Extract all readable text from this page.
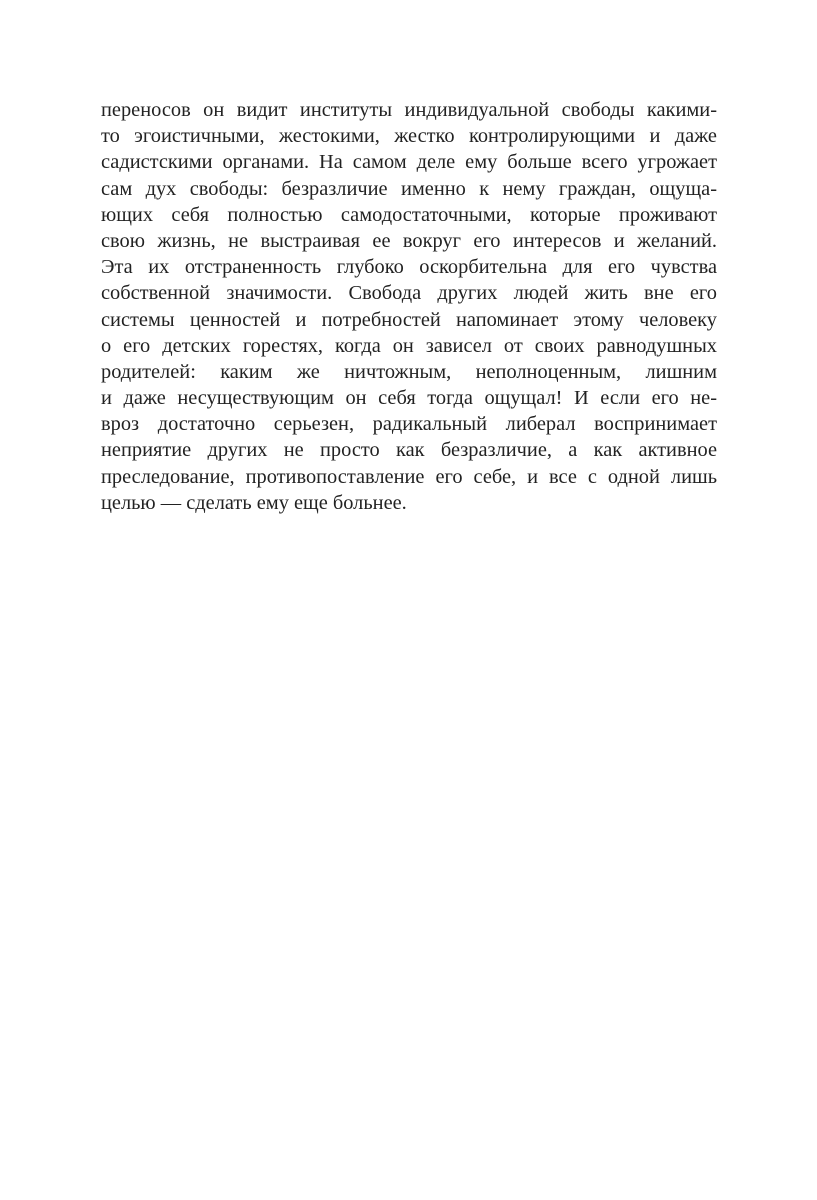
переносов он видит институты индивидуальной свободы какими-
то эгоистичными, жестокими, жестко контролирующими и даже
садистскими органами. На самом деле ему больше всего угрожает
сам дух свободы: безразличие именно к нему граждан, ощуща-
ющих себя полностью самодостаточными, которые проживают
свою жизнь, не выстраивая ее вокруг его интересов и желаний.
Эта их отстраненность глубоко оскорбительна для его чувства
собственной значимости. Свобода других людей жить вне его
системы ценностей и потребностей напоминает этому человеку
о его детских горестях, когда он зависел от своих равнодушных
родителей: каким же ничтожным, неполноценным, лишним
и даже несуществующим он себя тогда ощущал! И если его не-
вроз достаточно серьезен, радикальный либерал воспринимает
неприятие других не просто как безразличие, а как активное
преследование, противопоставление его себе, и все с одной лишь
целью — сделать ему еще больнее.
